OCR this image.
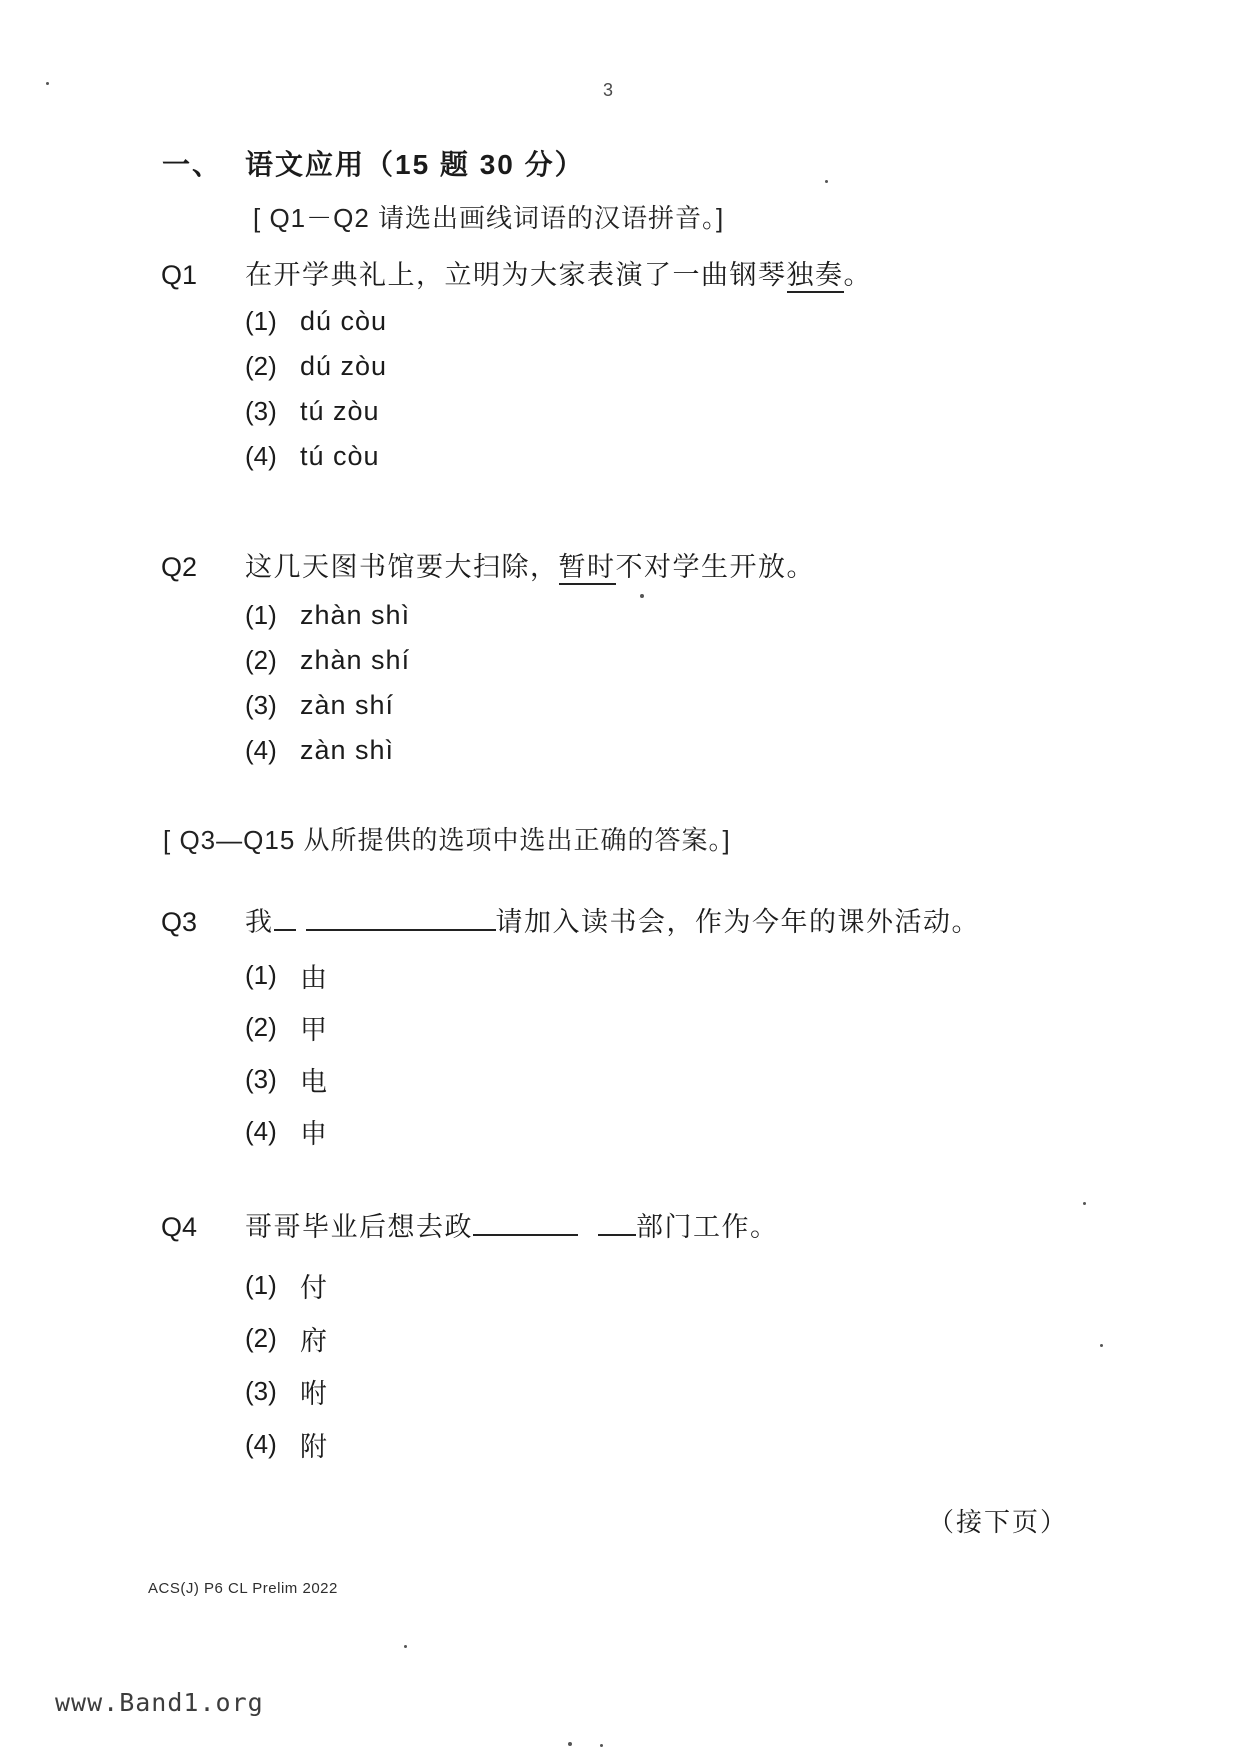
3
一、 语文应用（15 题 30 分）
[ Q1－Q2 请选出画线词语的汉语拼音。]
Q1	在开学典礼上，立明为大家表演了一曲钢琴独奏。
(1) dú còu
(2) dú zòu
(3) tú zòu
(4) tú còu
Q2	这几天图书馆要大扫除，暂时不对学生开放。
(1) zhàn shì
(2) zhàn shí
(3) zàn shí
(4) zàn shì
[ Q3—Q15 从所提供的选项中选出正确的答案。]
Q3	我	请加入读书会，作为今年的课外活动。
(1) 由
(2) 甲
(3) 电
(4) 申
Q4	哥哥毕业后想去政	部门工作。
(1) 付
(2) 府
(3) 咐
(4) 附
（接下页）
ACS(J) P6 CL Prelim 2022
www.Band1.org
